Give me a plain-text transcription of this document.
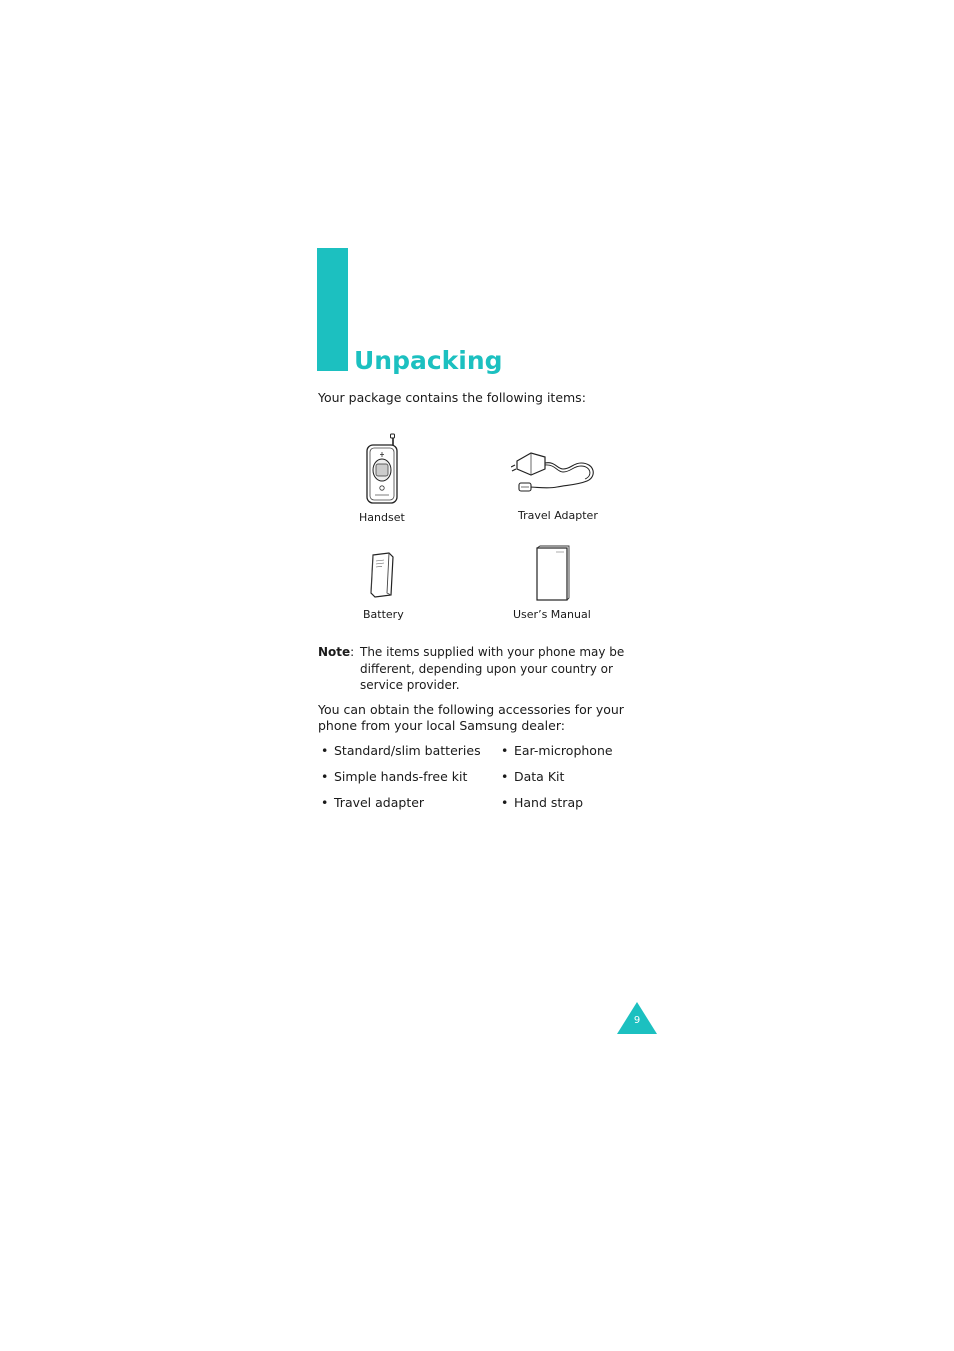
Unpacking
Your package contains the following items:
Handset	Travel Adapter
Battery	User’s Manual
Note: The items supplied with your phone may be
different, depending upon your country or
service provider.
You can obtain the following accessories for your
phone from your local Samsung dealer:
• Standard/slim batteries
• Simple hands-free kit
• Travel adapter
• Ear-microphone
• Data Kit
• Hand strap
9
